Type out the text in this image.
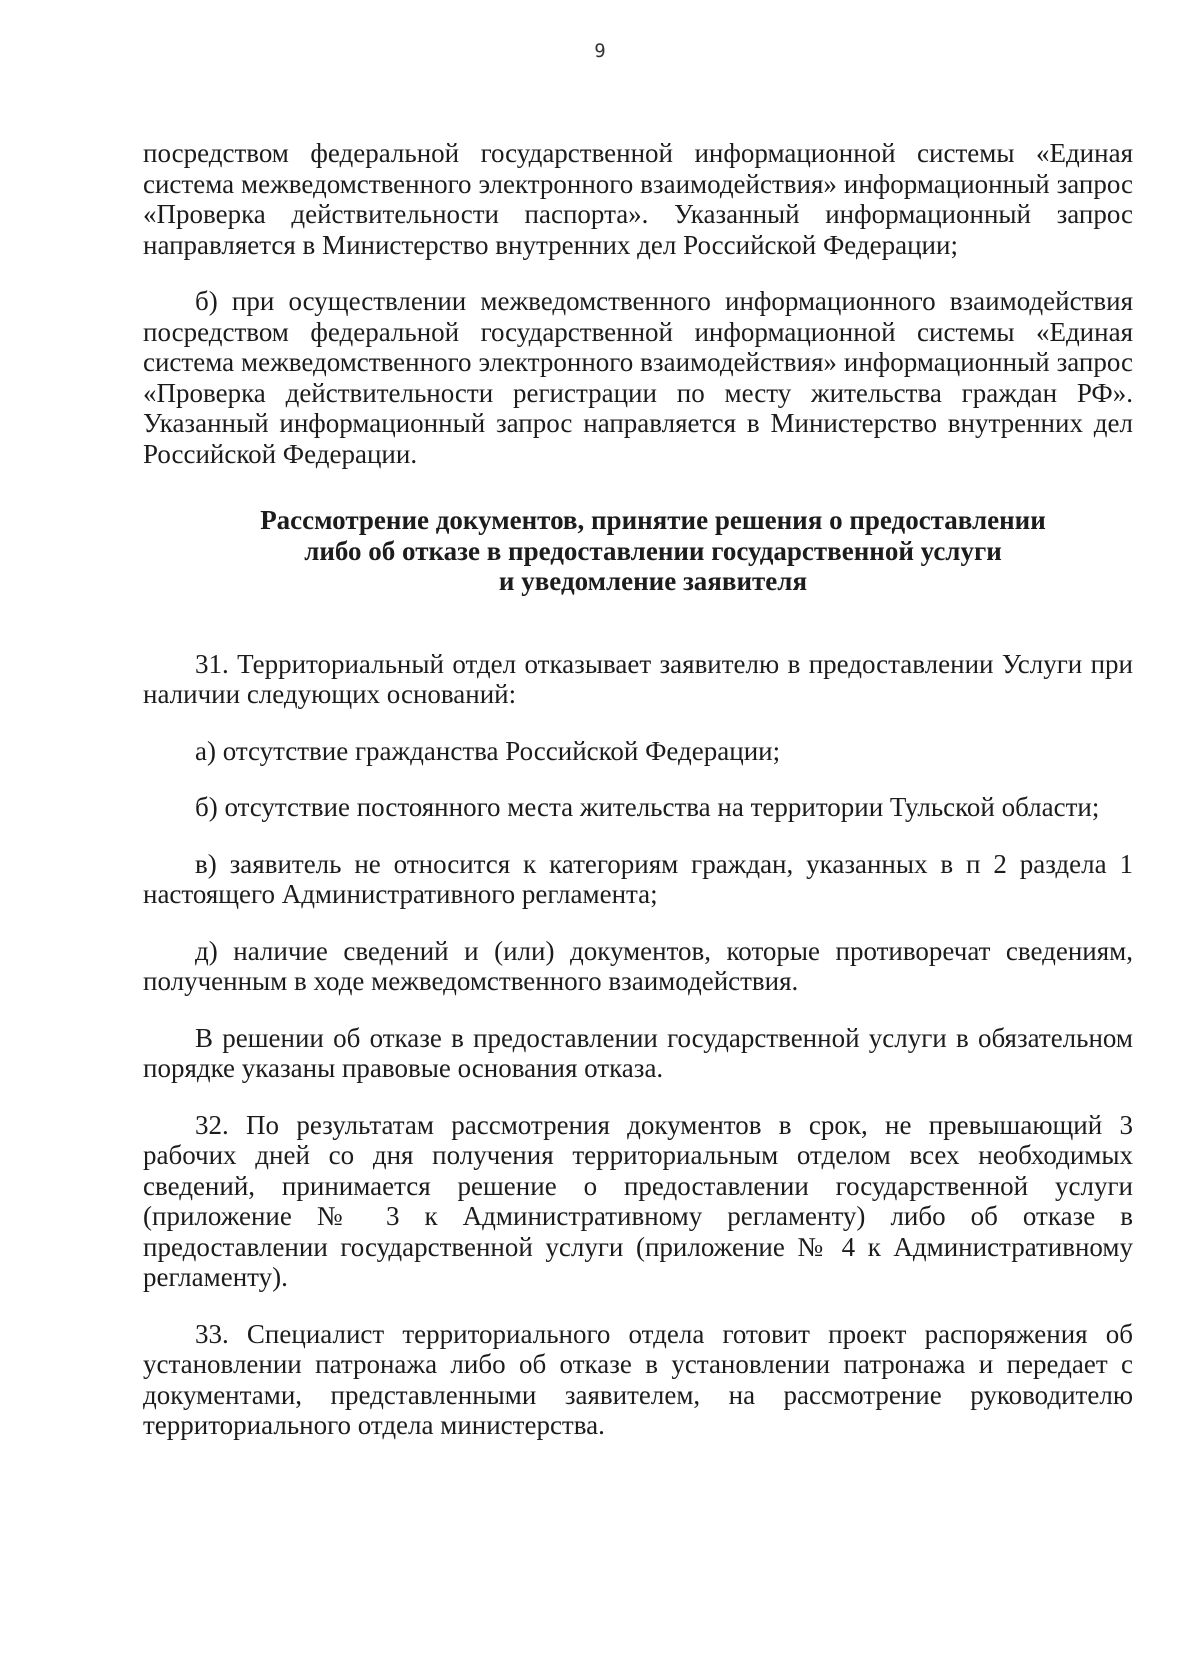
9

посредством федеральной государственной информационной системы «Единая система межведомственного электронного взаимодействия» информационный запрос «Проверка действительности паспорта». Указанный информационный запрос направляется в Министерство внутренних дел Российской Федерации;

б) при осуществлении межведомственного информационного взаимодействия посредством федеральной государственной информационной системы «Единая система межведомственного электронного взаимодействия» информационный запрос «Проверка действительности регистрации по месту жительства граждан РФ». Указанный информационный запрос направляется в Министерство внутренних дел Российской Федерации.

Рассмотрение документов, принятие решения о предоставлении
либо об отказе в предоставлении государственной услуги
и уведомление заявителя

31. Территориальный отдел отказывает заявителю в предоставлении Услуги при наличии следующих оснований:

а) отсутствие гражданства Российской Федерации;

б) отсутствие постоянного места жительства на территории Тульской области;

в) заявитель не относится к категориям граждан, указанных в п 2 раздела 1 настоящего Административного регламента;

д) наличие сведений и (или) документов, которые противоречат сведениям, полученным в ходе межведомственного взаимодействия.

В решении об отказе в предоставлении государственной услуги в обязательном порядке указаны правовые основания отказа.

32. По результатам рассмотрения документов в срок, не превышающий 3 рабочих дней со дня получения территориальным отделом всех необходимых сведений, принимается решение о предоставлении государственной услуги (приложение № 3 к Административному регламенту) либо об отказе в предоставлении государственной услуги (приложение № 4 к Административному регламенту).

33. Специалист территориального отдела готовит проект распоряжения об установлении патронажа либо об отказе в установлении патронажа и передает с документами, представленными заявителем, на рассмотрение руководителю территориального отдела министерства.
